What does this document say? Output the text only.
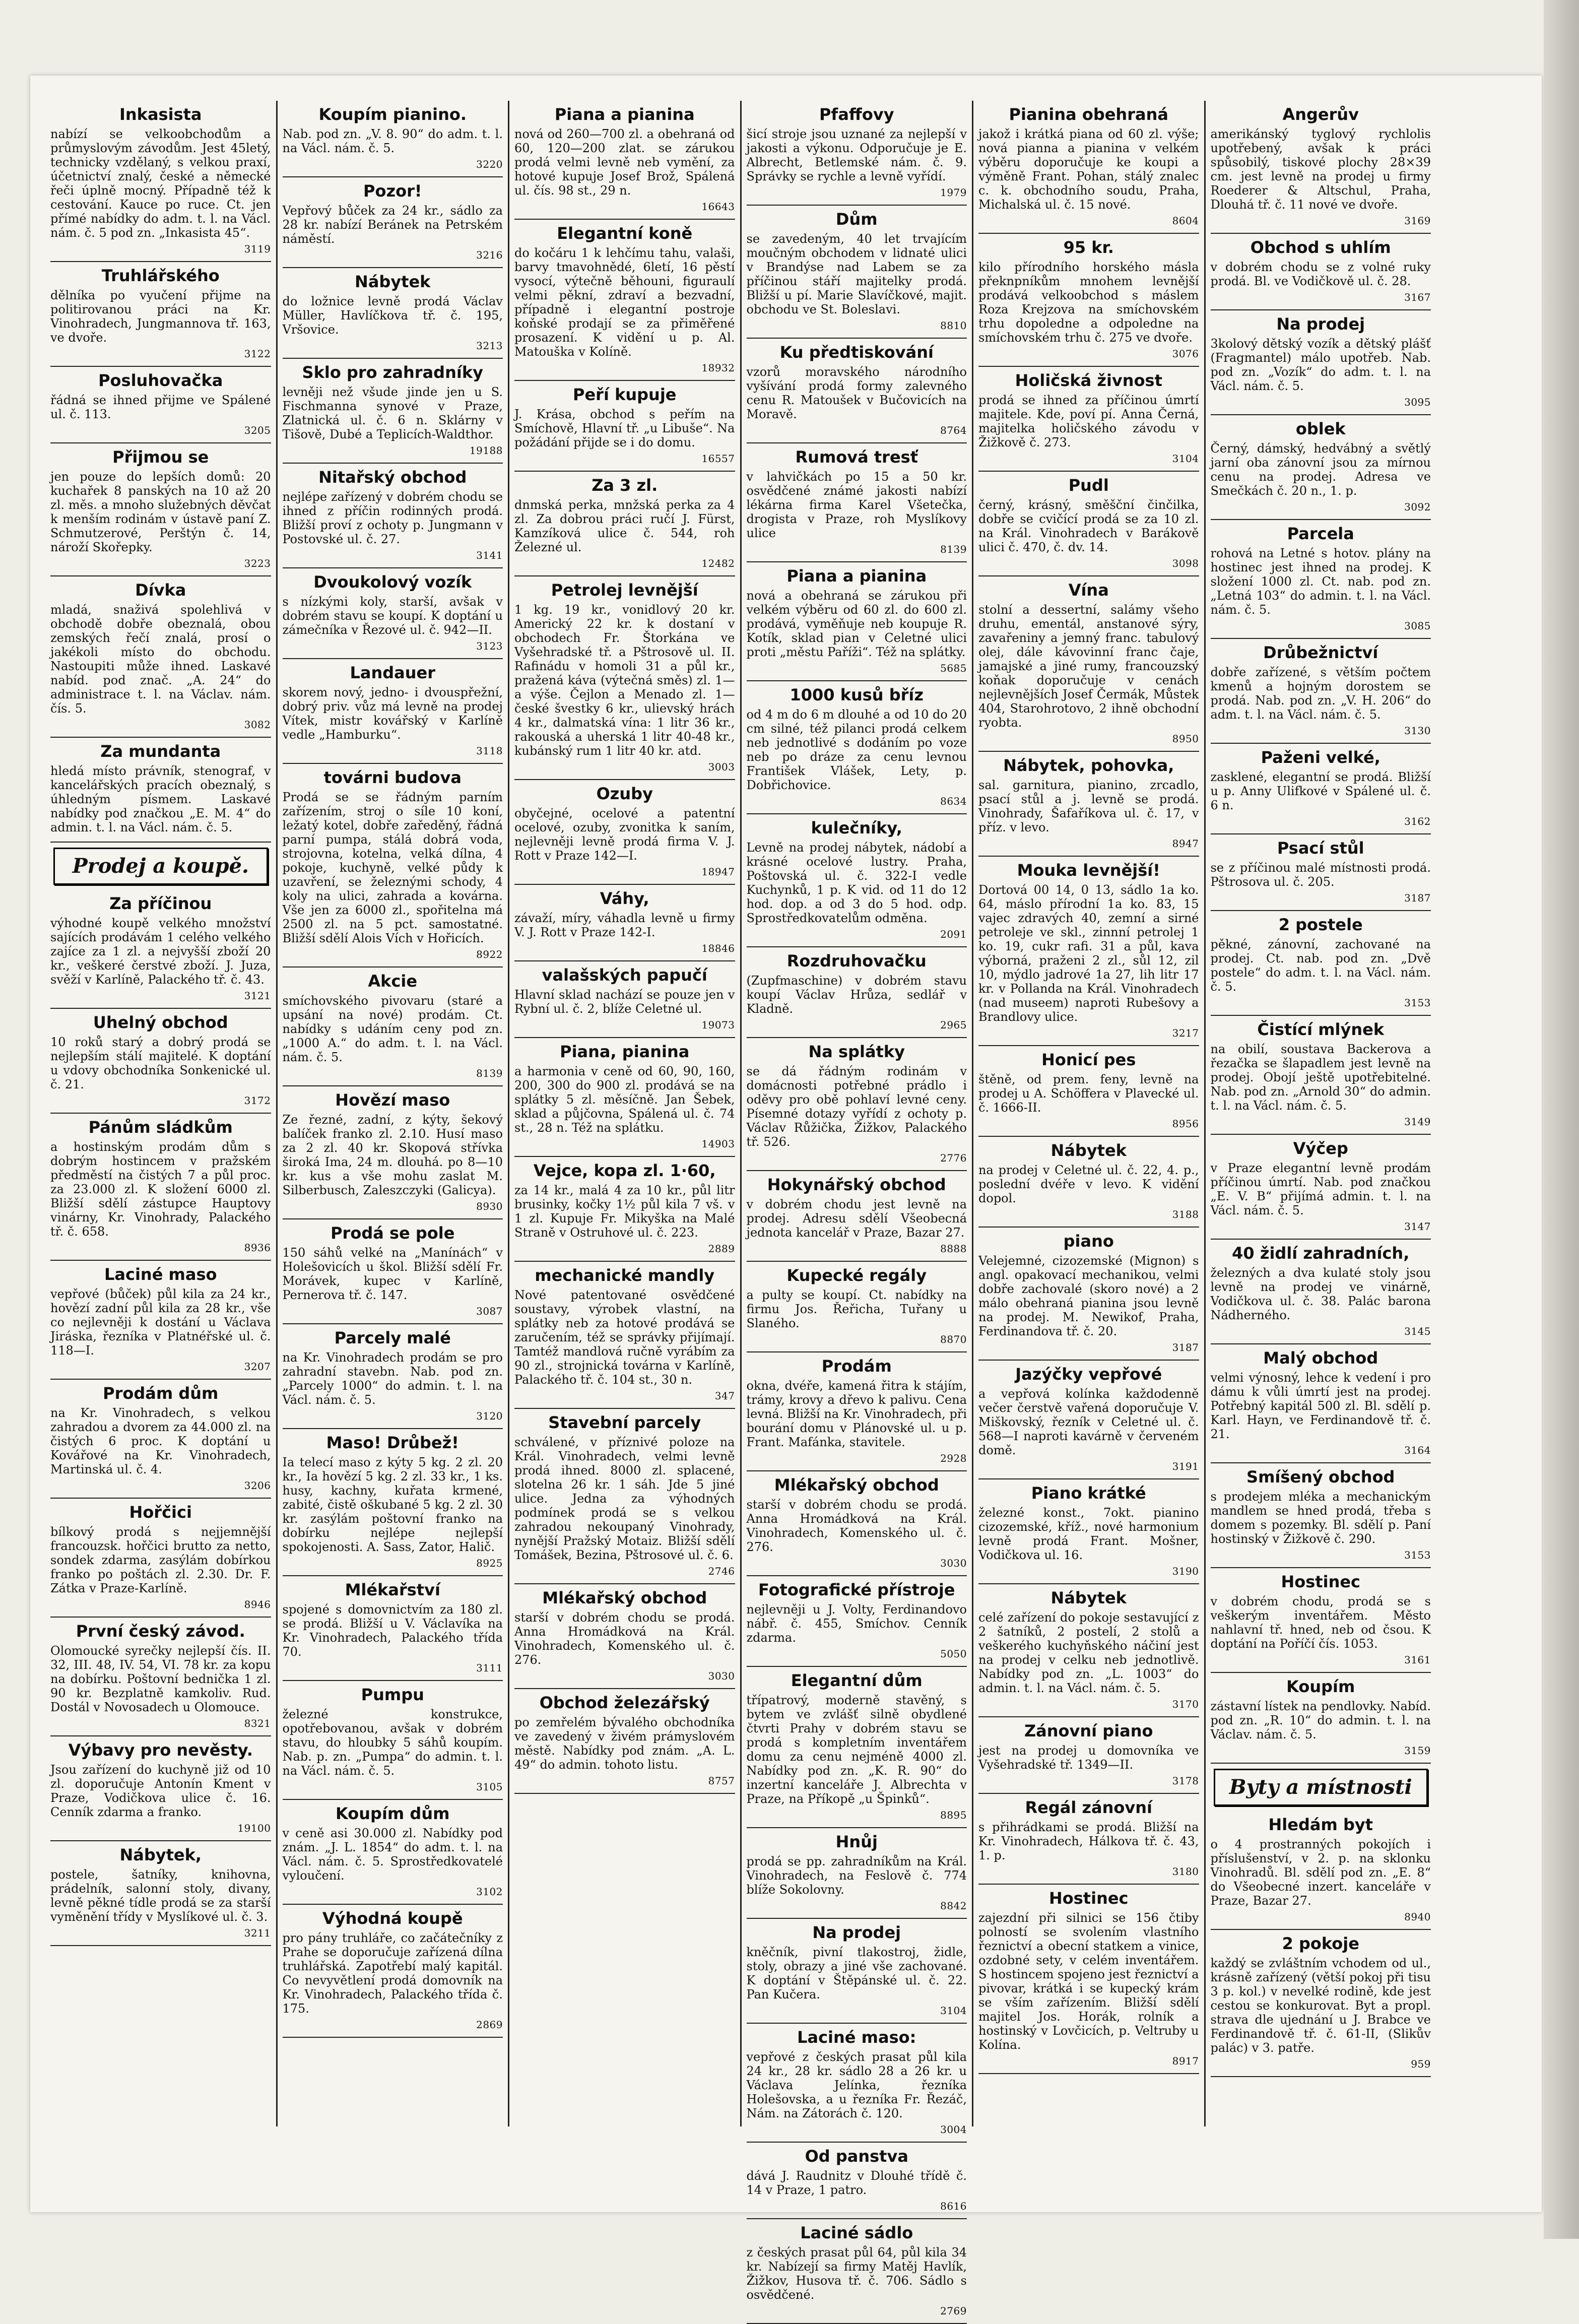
Inkasista
nabízí se velkoobchodům a průmyslovým závodům. Jest 45letý, technicky vzdělaný, s velkou praxí, účetnictví znalý, české a německé řeči úplně mocný. Případně též k cestování. Kauce po ruce. Ct. jen přímé nabídky do adm. t. l. na Václ. nám. č. 5 pod zn. „Inkasista 45“.
3119
Truhlářského
dělníka po vyučení přijme na politirovanou práci na Kr. Vinohradech, Jungmannova tř. 163, ve dvoře.
3122
Posluhovačka
řádná se ihned přijme ve Spálené ul. č. 113.
3205
Přijmou se
jen pouze do lepších domů: 20 kuchařek 8 panských na 10 až 20 zl. měs. a mnoho služebných děvčat k menším rodinám v ústavě paní Z. Schmutzerové, Perštýn č. 14, nároží Skořepky.
3223
Dívka
mladá, snaživá spolehlivá v obchodě dobře obeznalá, obou zemských řečí znalá, prosí o jakékoli místo do obchodu. Nastoupiti může ihned. Laskavé nabíd. pod znač. „A. 24“ do administrace t. l. na Václav. nám. čís. 5.
3082
Za mundanta
hledá místo právník, stenograf, v kancelářských pracích obeznalý, s úhledným písmem. Laskavé nabídky pod značkou „E. M. 4“ do admin. t. l. na Václ. nám. č. 5.
Prodej a koupě.
Za příčinou
výhodné koupě velkého množství sajících prodávám 1 celého velkého zajíce za 1 zl. a nejvyšší zboží 20 kr., veškeré čerstvé zboží. J. Juza, svěží v Karlíně, Palackého tř. č. 43.
3121
Uhelný obchod
10 roků starý a dobrý prodá se nejlepším stálí majitelé. K doptání u vdovy obchodníka Sonkenické ul. č. 21.
3172
Pánům sládkům
a hostinským prodám dům s dobrým hostincem v pražském předměstí na čistých 7 a půl proc. za 23.000 zl. K složení 6000 zl. Bližší sdělí zástupce Hauptovy vinárny, Kr. Vinohrady, Palackého tř. č. 658.
8936
Laciné maso
vepřové (bůček) půl kila za 24 kr., hovězí zadní půl kila za 28 kr., vše co nejlevněji k dostání u Václava Jiráska, řezníka v Platnéřské ul. č. 118—I.
3207
Prodám dům
na Kr. Vinohradech, s velkou zahradou a dvorem za 44.000 zl. na čistých 6 proc. K doptání u Kovářové na Kr. Vinohradech, Martinská ul. č. 4.
3206
Hořčici
bílkový prodá s nejjemnější francouzsk. hořčici brutto za netto, sondek zdarma, zasýlám dobírkou franko po poštách zl. 2.30. Dr. F. Zátka v Praze-Karlíně.
8946
První český závod.
Olomoucké syrečky nejlepší čís. II. 32, III. 48, IV. 54, VI. 78 kr. za kopu na dobírku. Poštovní bednička 1 zl. 90 kr. Bezplatně kamkoliv. Rud. Dostál v Novosadech u Olomouce.
8321
Výbavy pro nevěsty.
Jsou zařízení do kuchyně již od 10 zl. doporučuje Antonín Kment v Praze, Vodičkova ulice č. 16. Cenník zdarma a franko.
19100
Nábytek,
postele, šatníky, knihovna, prádelník, salonní stoly, divany, levně pěkné tídle prodá se za starší vyměnění třídy v Myslíkové ul. č. 3.
3211
Koupím pianino.
Nab. pod zn. „V. 8. 90“ do adm. t. l. na Václ. nám. č. 5.
3220
Pozor!
Vepřový bůček za 24 kr., sádlo za 28 kr. nabízí Beránek na Petrském náměstí.
3216
Nábytek
do ložnice levně prodá Václav Müller, Havlíčkova tř. č. 195, Vršovice.
3213
Sklo pro zahradníky
levněji než všude jinde jen u S. Fischmanna synové v Praze, Zlatnická ul. č. 6 n. Sklárny v Tišově, Dubé a Teplicích-Waldthor.
19188
Nitařský obchod
nejlépe zařízený v dobrém chodu se ihned z příčin rodinných prodá. Bližší proví z ochoty p. Jungmann v Postovské ul. č. 27.
3141
Dvoukolový vozík
s nízkými koly, starší, avšak v dobrém stavu se koupí. K doptání u zámečníka v Řezové ul. č. 942—II.
3123
Landauer
skorem nový, jedno- i dvouspřežní, dobrý priv. vůz má levně na prodej Vítek, mistr kovářský v Karlíně vedle „Hamburku“.
3118
továrni budova
Prodá se se řádným parním zařízením, stroj o síle 10 koní, ležatý kotel, dobře zaředěný, řádná parní pumpa, stálá dobrá voda, strojovna, kotelna, velká dílna, 4 pokoje, kuchyně, velké půdy k uzavření, se železnými schody, 4 koly na ulici, zahrada a kovárna. Vše jen za 6000 zl., spořitelna má 2500 zl. na 5 pct. samostatné. Bližší sdělí Alois Vích v Hořicích.
8922
Akcie
smíchovského pivovaru (staré a upsání na nové) prodám. Ct. nabídky s udáním ceny pod zn. „1000 A.“ do adm. t. l. na Václ. nám. č. 5.
8139
Hovězí maso
Ze řezné, zadní, z kýty, šekový balíček franko zl. 2.10. Husí maso za 2 zl. 40 kr. Skopová střívka široká Ima, 24 m. dlouhá. po 8—10 kr. kus a vše mohu zaslat M. Silberbusch, Zaleszczyki (Galicya).
8930
Prodá se pole
150 sáhů velké na „Manínách“ v Holešovicích u škol. Bližší sdělí Fr. Morávek, kupec v Karlíně, Pernerova tř. č. 147.
3087
Parcely malé
na Kr. Vinohradech prodám se pro zahradní stavebn. Nab. pod zn. „Parcely 1000“ do admin. t. l. na Václ. nám. č. 5.
3120
Maso! Drůbež!
Ia telecí maso z kýty 5 kg. 2 zl. 20 kr., Ia hovězí 5 kg. 2 zl. 33 kr., 1 ks. husy, kachny, kuřata krmené, zabité, čistě oškubané 5 kg. 2 zl. 30 kr. zasýlám poštovní franko na dobírku nejlépe nejlepší spokojenosti. A. Sass, Zator, Halič.
8925
Mlékařství
spojené s domovnictvím za 180 zl. se prodá. Bližší u V. Václavíka na Kr. Vinohradech, Palackého třída 70.
3111
Pumpu
železné konstrukce, opotřebovanou, avšak v dobrém stavu, do hloubky 5 sáhů koupím. Nab. p. zn. „Pumpa“ do admin. t. l. na Václ. nám. č. 5.
3105
Koupím dům
v ceně asi 30.000 zl. Nabídky pod znám. „J. L. 1854“ do adm. t. l. na Václ. nám. č. 5. Sprostředkovatelé vyloučení.
3102
Výhodná koupě
pro pány truhláře, co začátečníky z Prahe se doporučuje zařízená dílna truhlářská. Zapotřebí malý kapitál. Co nevyvětlení prodá domovník na Kr. Vinohradech, Palackého třída č. 175.
2869
Piana a pianina
nová od 260—700 zl. a obehraná od 60, 120—200 zlat. se zárukou prodá velmi levně neb vymění, za hotové kupuje Josef Brož, Spálená ul. čís. 98 st., 29 n.
16643
Elegantní koně
do kočáru 1 k lehčímu tahu, valaši, barvy tmavohnědé, 6letí, 16 pěstí vysocí, výtečně běhouni, figuraulí velmi pěkní, zdraví a bezvadní, případně i elegantní postroje koňské prodají se za přiměřené prosazení. K vidění u p. Al. Matouška v Kolíně.
18932
Peří kupuje
J. Krása, obchod s peřím na Smíchově, Hlavní tř. „u Libuše“. Na požádání přijde se i do domu.
16557
Za 3 zl.
dnmská perka, mnžská perka za 4 zl. Za dobrou práci ručí J. Fürst, Kamzíková ulice č. 544, roh Železné ul.
12482
Petrolej levnější
1 kg. 19 kr., vonidlový 20 kr. Americký 22 kr. k dostaní v obchodech Fr. Štorkána ve Vyšehradské tř. a Pštrosově ul. II. Rafinádu v homoli 31 a půl kr., pražená káva (výtečná směs) zl. 1— a výše. Čejlon a Menado zl. 1— české švestky 6 kr., ulievský hrách 4 kr., dalmatská vína: 1 litr 36 kr., rakouská a uherská 1 litr 40-48 kr., kubánský rum 1 litr 40 kr. atd.
3003
Ozuby
obyčejné, ocelové a patentní ocelové, ozuby, zvonitka k saním, nejlevněji levně prodá firma V. J. Rott v Praze 142—I.
18947
Váhy,
závaží, míry, váhadla levně u firmy V. J. Rott v Praze 142-I.
18846
valašských papučí
Hlavní sklad nachází se pouze jen v Rybní ul. č. 2, blíže Celetné ul.
19073
Piana, pianina
a harmonia v ceně od 60, 90, 160, 200, 300 do 900 zl. prodává se na splátky 5 zl. měsíčně. Jan Šebek, sklad a půjčovna, Spálená ul. č. 74 st., 28 n. Též na splátku.
14903
Vejce, kopa zl. 1·60,
za 14 kr., malá 4 za 10 kr., půl litr brusinky, kočky 1½ půl kila 7 vš. v 1 zl. Kupuje Fr. Mikyška na Malé Straně v Ostruhové ul. č. 223.
2889
mechanické mandly
Nové patentované osvědčené soustavy, výrobek vlastní, na splátky neb za hotové prodává se zaručením, též se správky přijímají. Tamtéž mandlová ručně vyrábím za 90 zl., strojnická továrna v Karlíně, Palackého tř. č. 104 st., 30 n.
347
Stavební parcely
schválené, v příznivé poloze na Král. Vinohradech, velmi levně prodá ihned. 8000 zl. splacené, slotelna 26 kr. 1 sáh. Jde 5 jiné ulice. Jedna za výhodných podmínek prodá se s velkou zahradou nekoupaný Vinohrady, nynější Pražský Motaiz. Bližší sdělí Tomášek, Bezina, Pštrosové ul. č. 6.
2746
Mlékařský obchod
starší v dobrém chodu se prodá. Anna Hromádková na Král. Vinohradech, Komenského ul. č. 276.
3030
Obchod železářský
po zemřelém bývalého obchodníka ve zavedený v živém prámyslovém městě. Nabídky pod znám. „A. L. 49“ do admin. tohoto listu.
8757
Pfaffovy
šicí stroje jsou uznané za nejlepší v jakosti a výkonu. Odporučuje je E. Albrecht, Betlemské nám. č. 9. Správky se rychle a levně vyřídí.
1979
Dům
se zavedeným, 40 let trvajícím moučným obchodem v lidnaté ulici v Brandýse nad Labem se za příčinou stáří majitelky prodá. Bližší u pí. Marie Slavíčkové, majit. obchodu ve St. Boleslavi.
8810
Ku předtiskování
vzorů moravského národního vyšívání prodá formy zalevného cenu R. Matoušek v Bučovicích na Moravě.
8764
Rumová tresť
v lahvičkách po 15 a 50 kr. osvědčené známé jakosti nabízí lékárna firma Karel Všetečka, drogista v Praze, roh Myslíkovy ulice
8139
Piana a pianina
nová a obehraná se zárukou při velkém výběru od 60 zl. do 600 zl. prodává, vyměňuje neb koupuje R. Kotík, sklad pian v Celetné ulici proti „městu Paříži“. Též na splátky.
5685
1000 kusů bříz
od 4 m do 6 m dlouhé a od 10 do 20 cm silné, též pilanci prodá celkem neb jednotlivé s dodáním po voze neb po dráze za cenu levnou František Vlášek, Lety, p. Dobřichovice.
8634
kulečníky,
Levně na prodej nábytek, nádobí a krásné ocelové lustry. Praha, Poštovská ul. č. 322-I vedle Kuchynků, 1 p. K vid. od 11 do 12 hod. dop. a od 3 do 5 hod. odp. Sprostředkovatelům odměna.
2091
Rozdruhovačku
(Zupfmaschine) v dobrém stavu koupí Václav Hrůza, sedlář v Kladně.
2965
Na splátky
se dá řádným rodinám v domácnosti potřebné prádlo i oděvy pro obě pohlaví levné ceny. Písemné dotazy vyřídí z ochoty p. Václav Růžička, Žižkov, Palackého tř. 526.
2776
Hokynářský obchod
v dobrém chodu jest levně na prodej. Adresu sdělí Všeobecná jednota kancelář v Praze, Bazar 27.
8888
Kupecké regály
a pulty se koupí. Ct. nabídky na firmu Jos. Řeřicha, Tuřany u Slaného.
8870
Prodám
okna, dvéře, kamená řitra k stájím, trámy, krovy a dřevo k palivu. Cena levná. Bližší na Kr. Vinohradech, při bourání domu v Plánovské ul. u p. Frant. Mafánka, stavitele.
2928
Mlékařský obchod
starší v dobrém chodu se prodá. Anna Hromádková na Král. Vinohradech, Komenského ul. č. 276.
3030
Fotografické přístroje
nejlevněji u J. Volty, Ferdinandovo nábř. č. 455, Smíchov. Cenník zdarma.
5050
Elegantní dům
třípatrový, moderně stavěný, s bytem ve zvlášť silně obydlené čtvrti Prahy v dobrém stavu se prodá s kompletním inventářem domu za cenu nejméně 4000 zl. Nabídky pod zn. „K. R. 90“ do inzertní kanceláře J. Albrechta v Praze, na Příkopě „u Špinků“.
8895
Hnůj
prodá se pp. zahradníkům na Král. Vinohradech, na Feslově č. 774 blíže Sokolovny.
8842
Na prodej
kněčník, pivní tlakostroj, židle, stoly, obrazy a jiné vše zachované. K doptání v Štěpánské ul. č. 22. Pan Kučera.
3104
Laciné maso:
vepřové z českých prasat půl kila 24 kr., 28 kr. sádlo 28 a 26 kr. u Václava Jelínka, řezníka Holešovska, a u řezníka Fr. Řezáč, Nám. na Zátorách č. 120.
3004
Od panstva
dává J. Raudnitz v Dlouhé třídě č. 14 v Praze, 1 patro.
8616
Laciné sádlo
z českých prasat půl 64, půl kila 34 kr. Nabízejí sa firmy Matěj Havlík, Žižkov, Husova tř. č. 706. Sádlo s osvědčené.
2769
Pianina obehraná
jakož i krátká piana od 60 zl. výše; nová pianna a pianina v velkém výběru doporučuje ke koupi a výměně Frant. Pohan, stálý znalec c. k. obchodního soudu, Praha, Michalská ul. č. 15 nové.
8604
95 kr.
kilo přírodního horského másla překnpníkům mnohem levnější prodává velkoobchod s máslem Roza Krejzova na smíchovském trhu dopoledne a odpoledne na smíchovském trhu č. 275 ve dvoře.
3076
Holičská živnost
prodá se ihned za příčinou úmrtí majitele. Kde, poví pí. Anna Černá, majitelka holičského závodu v Žižkově č. 273.
3104
Pudl
černý, krásný, směšční činčilka, dobře se cvičící prodá se za 10 zl. na Král. Vinohradech v Barákově ulici č. 470, č. dv. 14.
3098
Vína
stolní a dessertní, salámy všeho druhu, ementál, anstanové sýry, zavařeniny a jemný franc. tabulový olej, dále kávovinní franc čaje, jamajské a jiné rumy, francouzský koňak doporučuje v cenách nejlevnějších Josef Čermák, Můstek 404, Starohrotovo, 2 ihně obchodní ryobta.
8950
Nábytek, pohovka,
sal. garnitura, pianino, zrcadlo, psací stůl a j. levně se prodá. Vinohrady, Šafaříkova ul. č. 17, v příz. v levo.
8947
Mouka levnější!
Dortová 00 14, 0 13, sádlo 1a ko. 64, máslo přírodní 1a ko. 83, 15 vajec zdravých 40, zemní a sirné petroleje ve skl., zinnní petrolej 1 ko. 19, cukr rafi. 31 a půl, kava výborná, praženi 2 zl., sůl 12, zil 10, mýdlo jadrové 1a 27, lih litr 17 kr. v Pollanda na Král. Vinohradech (nad museem) naproti Rubešovy a Brandlovy ulice.
3217
Honicí pes
štěně, od prem. feny, levně na prodej u A. Schöffera v Plavecké ul. č. 1666-II.
8956
Nábytek
na prodej v Celetné ul. č. 22, 4. p., poslední dvéře v levo. K vidění dopol.
3188
piano
Velejemné, cizozemské (Mignon) s angl. opakovací mechanikou, velmi dobře zachovalé (skoro nové) a 2 málo obehraná pianina jsou levně na prodej. M. Newikof, Praha, Ferdinandova tř. č. 20.
3187
Jazýčky vepřové
a vepřová kolínka každodenně večer čerstvě vařená doporučuje V. Miškovský, řezník v Celetné ul. č. 568—I naproti kavárně v červeném domě.
3191
Piano krátké
železné konst., 7okt. pianino cizozemské, kříž., nové harmonium levně prodá Frant. Mošner, Vodičkova ul. 16.
3190
Nábytek
celé zařízení do pokoje sestavující z 2 šatníků, 2 postelí, 2 stolů a veškerého kuchyňského náčiní jest na prodej v celku neb jednotlivě. Nabídky pod zn. „L. 1003“ do admin. t. l. na Václ. nám. č. 5.
3170
Zánovní piano
jest na prodej u domovníka ve Vyšehradské tř. 1349—II.
3178
Regál zánovní
s přihrádkami se prodá. Bližší na Kr. Vinohradech, Hálkova tř. č. 43, 1. p.
3180
Hostinec
zajezdní při silnici se 156 čtiby polností se svolením vlastního řeznictví a obecní statkem a vinice, ozdobné sety, v celém inventářem. S hostincem spojeno jest řeznictví a pivovar, krátká i se kupecký krám se vším zařízením. Bližší sdělí majitel Jos. Horák, rolník a hostinský v Lovčicích, p. Veltruby u Kolína.
8917
Angerův
amerikánský tyglový rychlolis upotřebený, avšak k práci spůsobilý, tiskové plochy 28×39 cm. jest levně na prodej u firmy Roederer & Altschul, Praha, Dlouhá tř. č. 11 nové ve dvoře.
3169
Obchod s uhlím
v dobrém chodu se z volné ruky prodá. Bl. ve Vodičkově ul. č. 28.
3167
Na prodej
3kolový dětský vozík a dětský plášť (Fragmantel) málo upotřeb. Nab. pod zn. „Vozík“ do adm. t. l. na Václ. nám. č. 5.
3095
oblek
Černý, dámský, hedvábný a světlý jarní oba zánovní jsou za mírnou cenu na prodej. Adresa ve Smečkách č. 20 n., 1. p.
3092
Parcela
rohová na Letné s hotov. plány na hostinec jest ihned na prodej. K složení 1000 zl. Ct. nab. pod zn. „Letná 103“ do admin. t. l. na Václ. nám. č. 5.
3085
Drůbežnictví
dobře zařízené, s větším počtem kmenů a hojným dorostem se prodá. Nab. pod zn. „V. H. 206“ do adm. t. l. na Václ. nám. č. 5.
3130
Paženi velké,
zasklené, elegantní se prodá. Bližší u p. Anny Ulifkové v Spálené ul. č. 6 n.
3162
Psací stůl
se z příčinou malé místnosti prodá. Pštrosova ul. č. 205.
3187
2 postele
pěkné, zánovní, zachované na prodej. Ct. nab. pod zn. „Dvě postele“ do adm. t. l. na Václ. nám. č. 5.
3153
Čistící mlýnek
na obilí, soustava Backerova a řezačka se šlapadlem jest levně na prodej. Obojí ještě upotřebitelné. Nab. pod zn. „Arnold 30“ do admin. t. l. na Václ. nám. č. 5.
3149
Výčep
v Praze elegantní levně prodám příčinou úmrtí. Nab. pod značkou „E. V. B“ přijímá admin. t. l. na Václ. nám. č. 5.
3147
40 židlí zahradních,
železných a dva kulaté stoly jsou levně na prodej ve vinárně, Vodičkova ul. č. 38. Palác barona Nádherného.
3145
Malý obchod
velmi výnosný, lehce k vedení i pro dámu k vůli úmrtí jest na prodej. Potřebný kapitál 500 zl. Bl. sdělí p. Karl. Hayn, ve Ferdinandově tř. č. 21.
3164
Smíšený obchod
s prodejem mléka a mechanickým mandlem se hned prodá, třeba s domem s pozemky. Bl. sdělí p. Paní hostinský v Žižkově č. 290.
3153
Hostinec
v dobrém chodu, prodá se s veškerým inventářem. Město nahlavní tř. hned, neb od čsou. K doptání na Poříčí čís. 1053.
3161
Koupím
zástavní lístek na pendlovky. Nabíd. pod zn. „R. 10“ do admin. t. l. na Václav. nám. č. 5.
3159
Byty a místnosti
Hledám byt
o 4 prostranných pokojích i příslušenství, v 2. p. na sklonku Vinohradů. Bl. sdělí pod zn. „E. 8“ do Všeobecné inzert. kanceláře v Praze, Bazar 27.
8940
2 pokoje
každý se zvláštním vchodem od ul., krásně zařízený (větší pokoj při tisu 3 p. kol.) v nevelké rodině, kde jest cestou se konkurovat. Byt a propl. strava dle ujednání u J. Brabce ve Ferdinandově tř. č. 61-II, (Slikův palác) v 3. patře.
959
